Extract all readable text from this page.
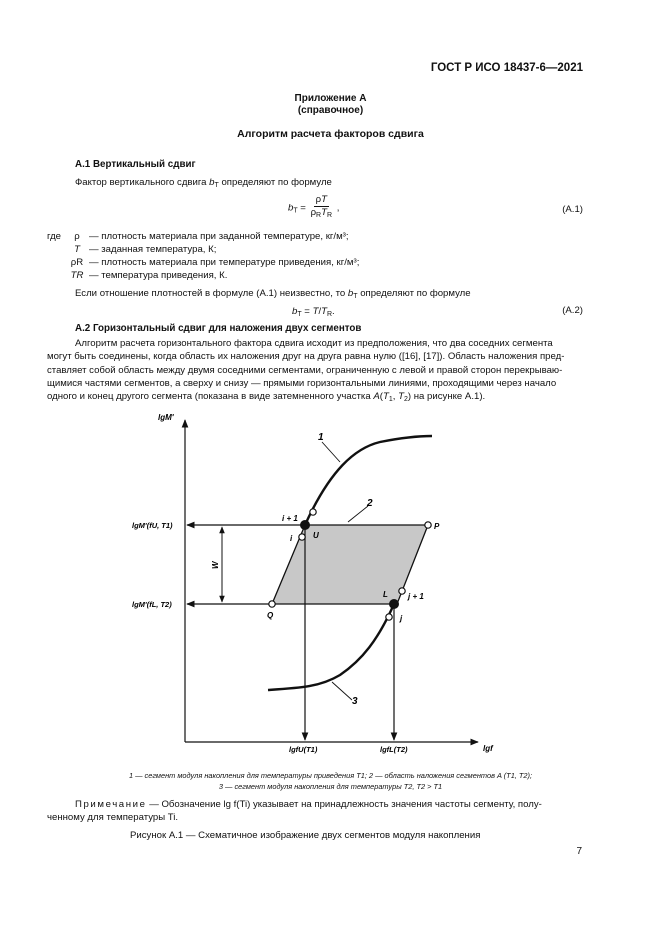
ГОСТ Р ИСО 18437-6—2021
Приложение А
(справочное)
Алгоритм расчета факторов сдвига
А.1 Вертикальный сдвиг
Фактор вертикального сдвига $b_T$ определяют по формуле
$b_T = \frac{\rho T}{\rho_RT_R}$ ,	(А.1)
где	ρ — плотность материала при заданной температуре, кг/м³;
T — заданная температура, К;
ρR — плотность материала при температуре приведения, кг/м³;
TR — температура приведения, К.
Если отношение плотностей в формуле (А.1) неизвестно, то $b_T$ определяют по формуле
$b_T = T/T_R$.	(А.2)
А.2 Горизонтальный сдвиг для наложения двух сегментов
Алгоритм расчета горизонтального фактора сдвига исходит из предположения, что два соседних сегмента
могут быть соединены, когда область их наложения друг на друга равна нулю ([16], [17]). Область наложения пред-
ставляет собой область между двумя соседними сегментами, ограниченную с левой и правой сторон перекрываю-
щимися частями сегментов, а сверху и снизу — прямыми горизонтальными линиями, проходящими через начало
одного и конец другого сегмента (показана в виде затемненного участка $A(T_1$, $T_2$) на рисунке А.1).
lgM'
lgf
W
lgM'(fU, T1)
lgM'(fL, T2)
lgfU(T1)	lgfL(T2)
1
3
2
i + 1
i	U
P
Q
L	j + 1
j
1 — сегмент модуля накопления для температуры приведения T1; 2 — область наложения сегментов A (T1, T2);
3 — сегмент модуля накопления для температуры T2, T2 > T1
Примечание — Обозначение lg f(Ti) указывает на принадлежность значения частоты сегменту, полу-
ченному для температуры Ti.
Рисунок А.1 — Схематичное изображение двух сегментов модуля накопления
7
